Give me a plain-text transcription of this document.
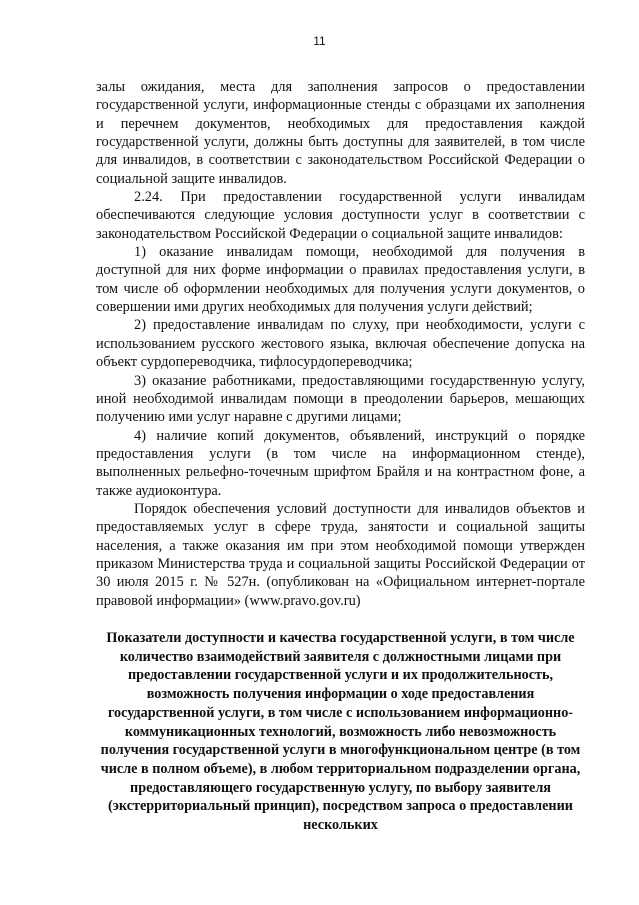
11

залы ожидания, места для заполнения запросов о предоставлении государственной услуги, информационные стенды с образцами их заполнения и перечнем документов, необходимых для предоставления каждой государственной услуги, должны быть доступны для заявителей, в том числе для инвалидов, в соответствии с законодательством Российской Федерации о социальной защите инвалидов.

2.24. При предоставлении государственной услуги инвалидам обеспечиваются следующие условия доступности услуг в соответствии с законодательством Российской Федерации о социальной защите инвалидов:

1) оказание инвалидам помощи, необходимой для получения в доступной для них форме информации о правилах предоставления услуги, в том числе об оформлении необходимых для получения услуги документов, о совершении ими других необходимых для получения услуги действий;

2) предоставление инвалидам по слуху, при необходимости, услуги с использованием русского жестового языка, включая обеспечение допуска на объект сурдопереводчика, тифлосурдопереводчика;

3) оказание работниками, предоставляющими государственную услугу, иной необходимой инвалидам помощи в преодолении барьеров, мешающих получению ими услуг наравне с другими лицами;

4) наличие копий документов, объявлений, инструкций о порядке предоставления услуги (в том числе на информационном стенде), выполненных рельефно-точечным шрифтом Брайля и на контрастном фоне, а также аудиоконтура.

Порядок обеспечения условий доступности для инвалидов объектов и предоставляемых услуг в сфере труда, занятости и социальной защиты населения, а также оказания им при этом необходимой помощи утвержден приказом Министерства труда и социальной защиты Российской Федерации от 30 июля 2015 г. № 527н. (опубликован на «Официальном интернет-портале правовой информации» (www.pravo.gov.ru)

Показатели доступности и качества государственной услуги, в том числе количество взаимодействий заявителя с должностными лицами при предоставлении государственной услуги и их продолжительность, возможность получения информации о ходе предоставления государственной услуги, в том числе с использованием информационно-коммуникационных технологий, возможность либо невозможность получения государственной услуги в многофункциональном центре (в том числе в полном объеме), в любом территориальном подразделении органа, предоставляющего государственную услугу, по выбору заявителя (экстерриториальный принцип), посредством запроса о предоставлении нескольких
